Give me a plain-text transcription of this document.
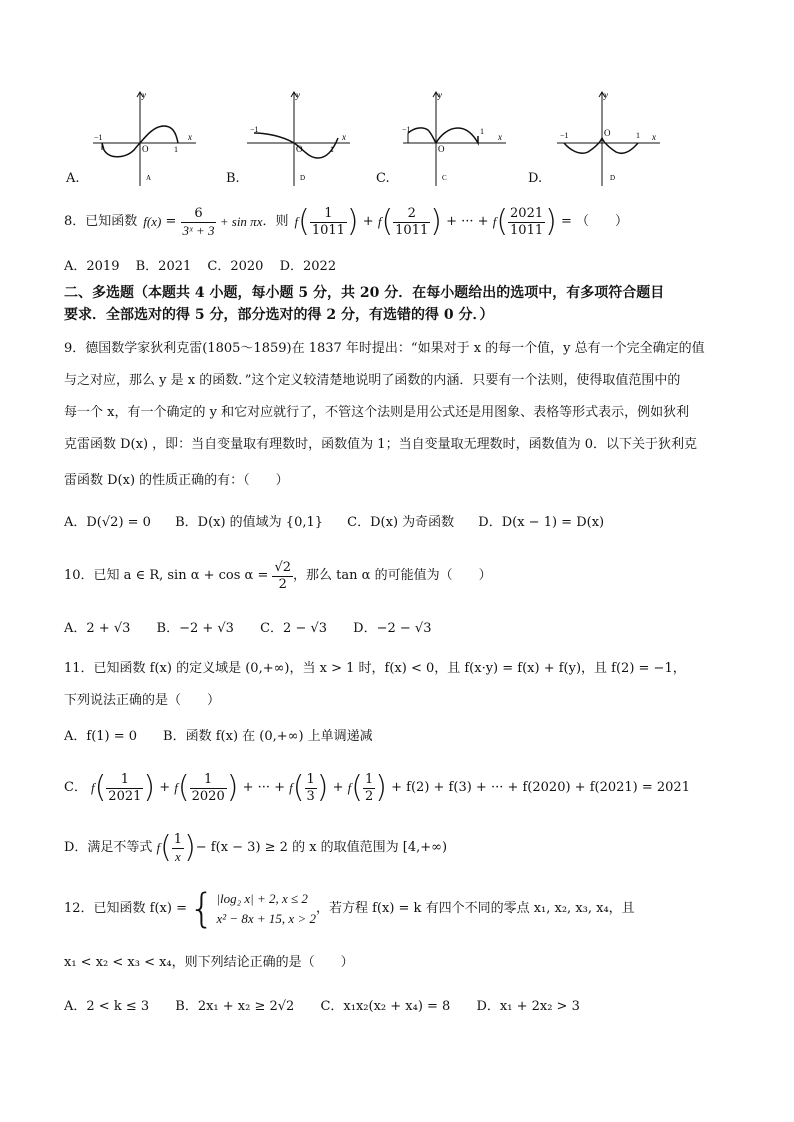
y
x
O
−1
1
A
y
x
O
−1
1
D
y
x
O
−1	1
C
y
x
O
−1	1
D
A.	B.	C.	D.
8． 已知函数 f $(x) = \frac{6}{\text{3ˣ + 3}} + \sin \pi x$ ．则 f ( $\frac{1}{1011}$ ) + f ( $\frac{2}{1011}$ ) + ··· + f ( $\frac{2021}{1011}$ ) = （　　）
A．2019 B．2021 C．2020 D．2022
二、多选题（本题共 4 小题，每小题 5 分，共 20 分．在每小题给出的选项中，有多项符合题目
要求．全部选对的得 5 分，部分选对的得 2 分，有选错的得 0 分．）
9．德国数学家狄利克雷(1805～1859)在 1837 年时提出：“如果对于 x 的每一个值，y 总有一个完全确定的值
与之对应，那么 y 是 x 的函数．”这个定义较清楚地说明了函数的内涵．只要有一个法则，使得取值范围中的
每一个 x，有一个确定的 y 和它对应就行了，不管这个法则是用公式还是用图象、表格等形式表示，例如狄利
克雷函数 D(x) ，即：当自变量取有理数时，函数值为 1；当自变量取无理数时，函数值为 0．以下关于狄利克
雷函数 D(x) 的性质正确的有：（　　）
A．D(√2) = 0 B．D(x) 的值域为 {0,1} C．D(x) 为奇函数 D．D(x − 1) = D(x)
10．已知 a ∈ R, $\sin \alpha + \cos \alpha = \frac{√2}{2}$ ，那么 tan α 的可能值为（　　）
A．2 + √3 B．−2 + √3 C．2 − √3 D．−2 − √3
11．已知函数 f(x) 的定义域是 (0,+∞)，当 x > 1 时，f(x) < 0，且 f(x·y) = f(x) + f(y)，且 f(2) = −1，
下列说法正确的是（　　）
A．f(1) = 0　　B．函数 f(x) 在 (0,+∞) 上单调递减
C． f ( $\frac{1}{2021}$ ) + f ( $\frac{1}{2020}$ ) + ··· + f ( $\frac{1}{3}$ ) + f ( $\frac{1}{2}$ ) + f(2) + f(3) + ··· + f(2020) + f(2021) = 2021
D．满足不等式 f ( $\frac{1}{x}$ ) − f(x − 3) ≥ 2 的 x 的取值范围为 [4,+∞)
12．已知函数 f(x) = { |log₂ x| + 2, x ≤ 2
x² − 8x + 15, x > 2
，若方程 f(x) = k 有四个不同的零点 x₁, x₂, x₃, x₄，且
x₁ < x₂ < x₃ < x₄，则下列结论正确的是（　　）
A．2 < k ≤ 3 B．2x₁ + x₂ ≥ 2√2 C．x₁x₂(x₂ + x₄) = 8 D．x₁ + 2x₂ > 3
